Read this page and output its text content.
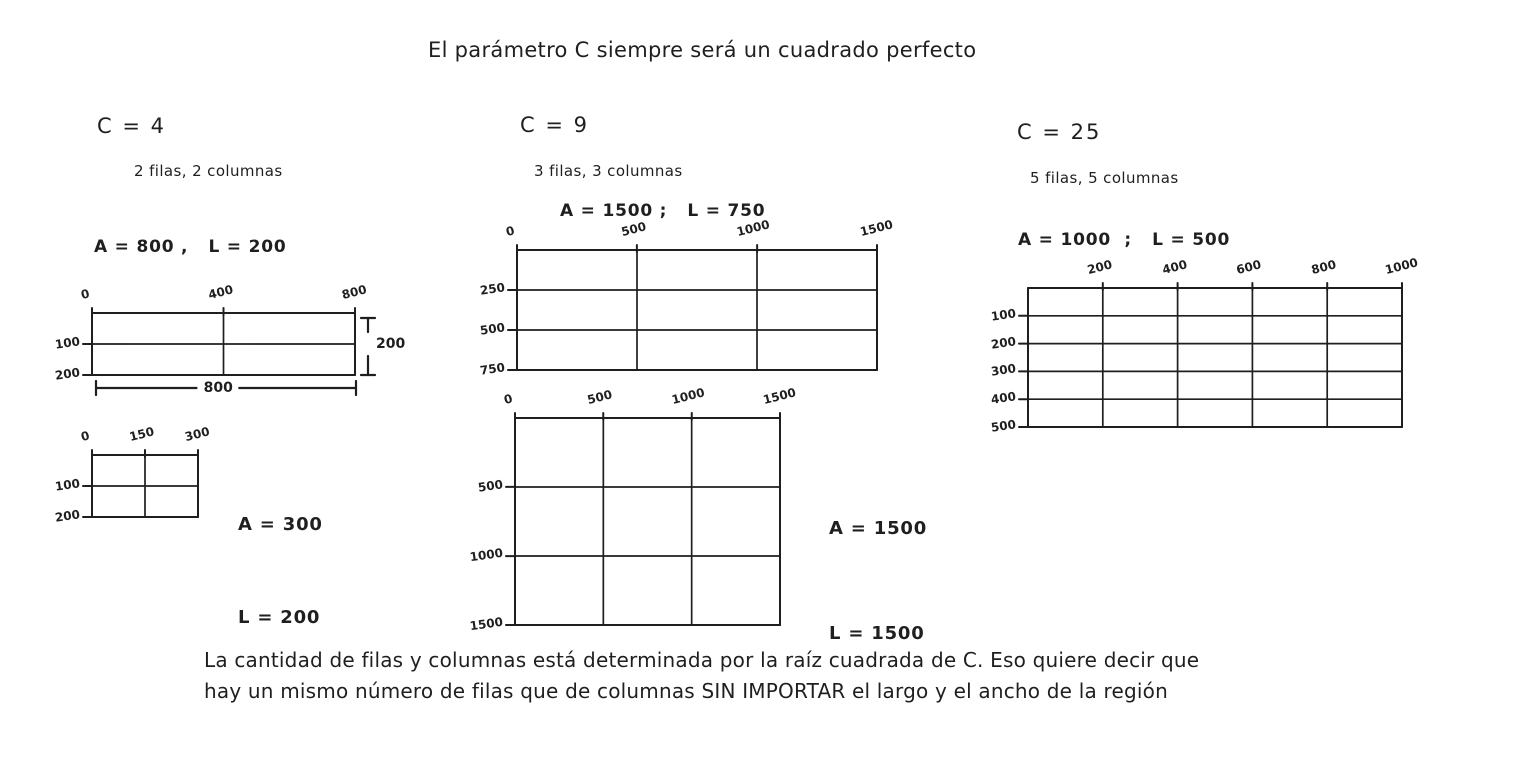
El parámetro C siempre será un cuadrado perfecto
C = 4
2 filas, 2 columnas
A = 800 ,   L = 200
0	400	800
100
200
200
800
0	150 300
100
200

	A = 300

L = 200

C = 9
3 filas, 3 columnas
A = 1500 ;   L = 750
0	500	1000	1500
250
500
750
0	500	1000	1500
500
1000
1500

A = 1500

L = 1500

C = 25
5 filas, 5 columnas
A = 1000  ;   L = 500
200	400	600	800	1000
100
200
300
400
500
La cantidad de filas y columnas está determinada por la raíz cuadrada de C. Eso quiere decir que
hay un mismo número de filas que de columnas SIN IMPORTAR el largo y el ancho de la región
